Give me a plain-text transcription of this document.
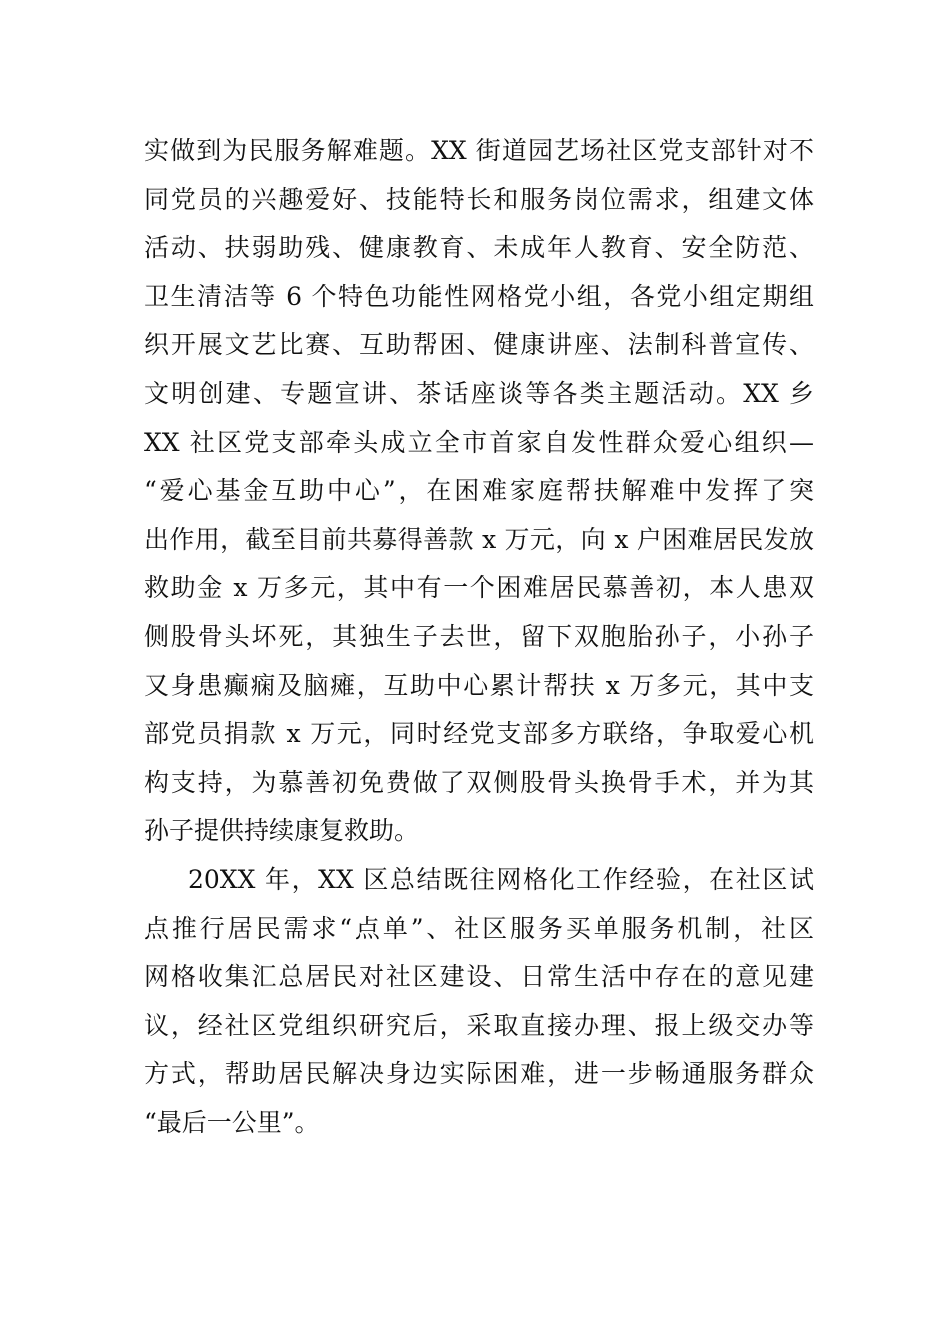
实做到为民服务解难题。XX 街道园艺场社区党支部针对不
同党员的兴趣爱好、技能特长和服务岗位需求，组建文体
活动、扶弱助残、健康教育、未成年人教育、安全防范、
卫生清洁等 6 个特色功能性网格党小组，各党小组定期组
织开展文艺比赛、互助帮困、健康讲座、法制科普宣传、
文明创建、专题宣讲、茶话座谈等各类主题活动。XX 乡
XX 社区党支部牵头成立全市首家自发性群众爱心组织—
“爱心基金互助中心”，在困难家庭帮扶解难中发挥了突
出作用，截至目前共募得善款 x 万元，向 x 户困难居民发放
救助金 x 万多元，其中有一个困难居民慕善初，本人患双
侧股骨头坏死，其独生子去世，留下双胞胎孙子，小孙子
又身患癫痫及脑瘫，互助中心累计帮扶 x 万多元，其中支
部党员捐款 x 万元，同时经党支部多方联络，争取爱心机
构支持，为慕善初免费做了双侧股骨头换骨手术，并为其
孙子提供持续康复救助。
20XX 年，XX 区总结既往网格化工作经验，在社区试
点推行居民需求“点单”、社区服务买单服务机制，社区
网格收集汇总居民对社区建设、日常生活中存在的意见建
议，经社区党组织研究后，采取直接办理、报上级交办等
方式，帮助居民解决身边实际困难，进一步畅通服务群众
“最后一公里”。
